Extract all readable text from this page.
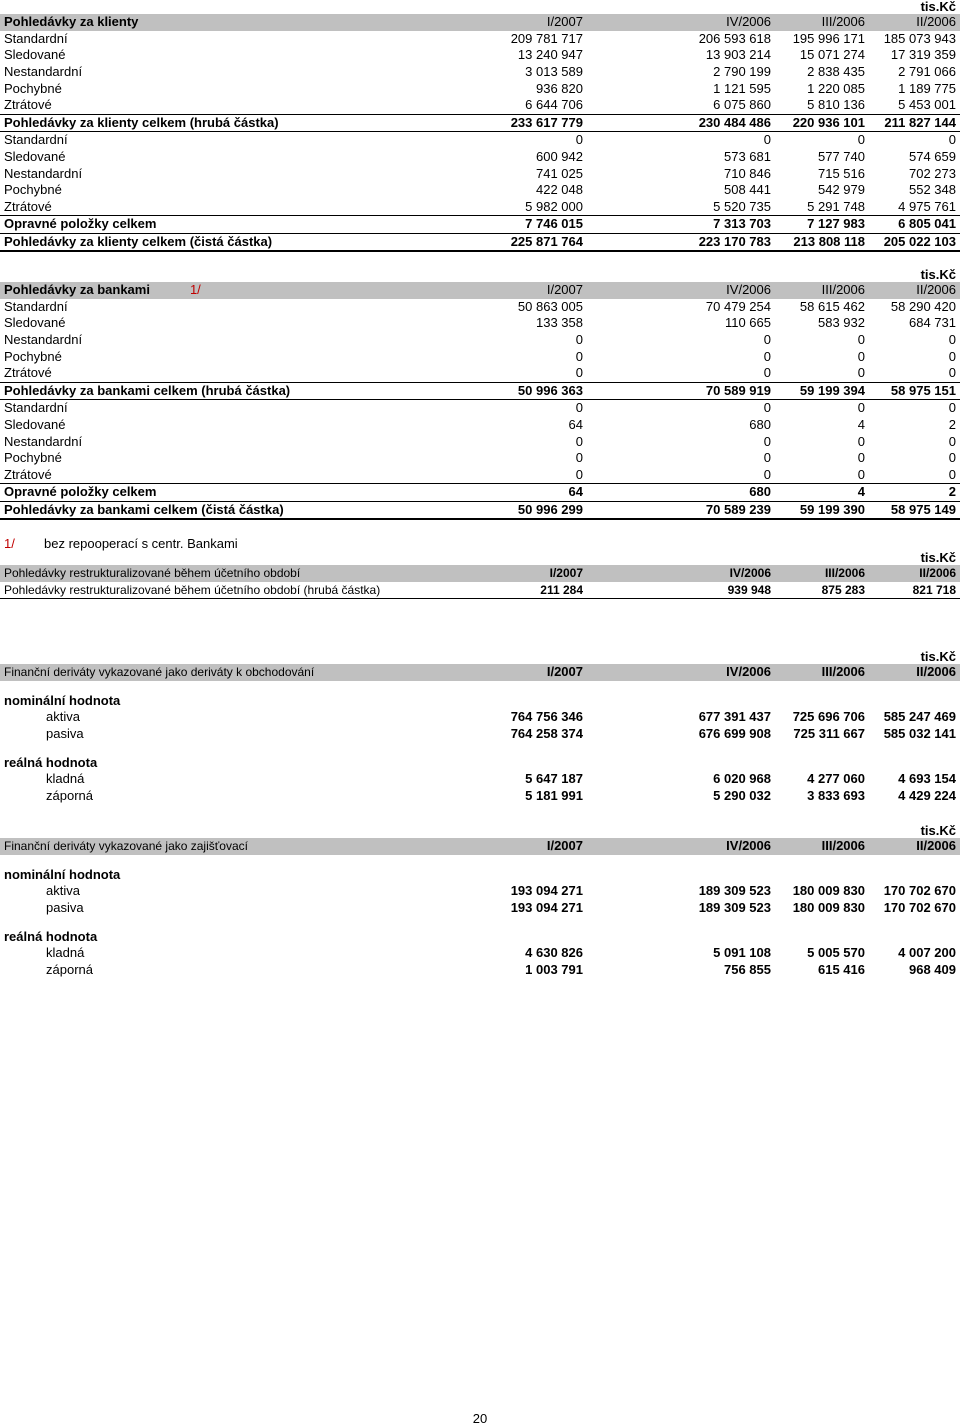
tis.Kč
Pohledávky za klienty	I/2007	IV/2006	III/2006	II/2006
Standardní	209 781 717	206 593 618	195 996 171	185 073 943
Sledované	13 240 947	13 903 214	15 071 274	17 319 359
Nestandardní	3 013 589	2 790 199	2 838 435	2 791 066
Pochybné	936 820	1 121 595	1 220 085	1 189 775
Ztrátové	6 644 706	6 075 860	5 810 136	5 453 001
Pohledávky za klienty celkem (hrubá částka)	233 617 779	230 484 486	220 936 101	211 827 144
Standardní	0	0	0	0
Sledované	600 942	573 681	577 740	574 659
Nestandardní	741 025	710 846	715 516	702 273
Pochybné	422 048	508 441	542 979	552 348
Ztrátové	5 982 000	5 520 735	5 291 748	4 975 761
Opravné položky celkem	7 746 015	7 313 703	7 127 983	6 805 041
Pohledávky za klienty celkem (čistá částka)	225 871 764	223 170 783	213 808 118	205 022 103
tis.Kč
Pohledávky za bankami 1/	I/2007	IV/2006	III/2006	II/2006
Standardní	50 863 005	70 479 254	58 615 462	58 290 420
Sledované	133 358	110 665	583 932	684 731
Nestandardní	0	0	0	0
Pochybné	0	0	0	0
Ztrátové	0	0	0	0
Pohledávky za bankami celkem (hrubá částka)	50 996 363	70 589 919	59 199 394	58 975 151
Standardní	0	0	0	0
Sledované	64	680	4	2
Nestandardní	0	0	0	0
Pochybné	0	0	0	0
Ztrátové	0	0	0	0
Opravné položky celkem	64	680	4	2
Pohledávky za bankami celkem (čistá částka)	50 996 299	70 589 239	59 199 390	58 975 149
1/ bez repooperací s centr. Bankami
tis.Kč
Pohledávky restrukturalizované během účetního období	I/2007	IV/2006	III/2006	II/2006
Pohledávky restrukturalizované během účetního období (hrubá částka)	211 284	939 948	875 283	821 718
tis.Kč
Finanční deriváty vykazované jako deriváty k obchodování	I/2007	IV/2006	III/2006	II/2006

nominální hodnota				
aktiva	764 756 346	677 391 437	725 696 706	585 247 469
pasiva	764 258 374	676 699 908	725 311 667	585 032 141

reálná hodnota				
kladná	5 647 187	6 020 968	4 277 060	4 693 154
záporná	5 181 991	5 290 032	3 833 693	4 429 224
tis.Kč
Finanční deriváty vykazované jako zajišťovací	I/2007	IV/2006	III/2006	II/2006

nominální hodnota				
aktiva	193 094 271	189 309 523	180 009 830	170 702 670
pasiva	193 094 271	189 309 523	180 009 830	170 702 670

reálná hodnota				
kladná	4 630 826	5 091 108	5 005 570	4 007 200
záporná	1 003 791	756 855	615 416	968 409
20
